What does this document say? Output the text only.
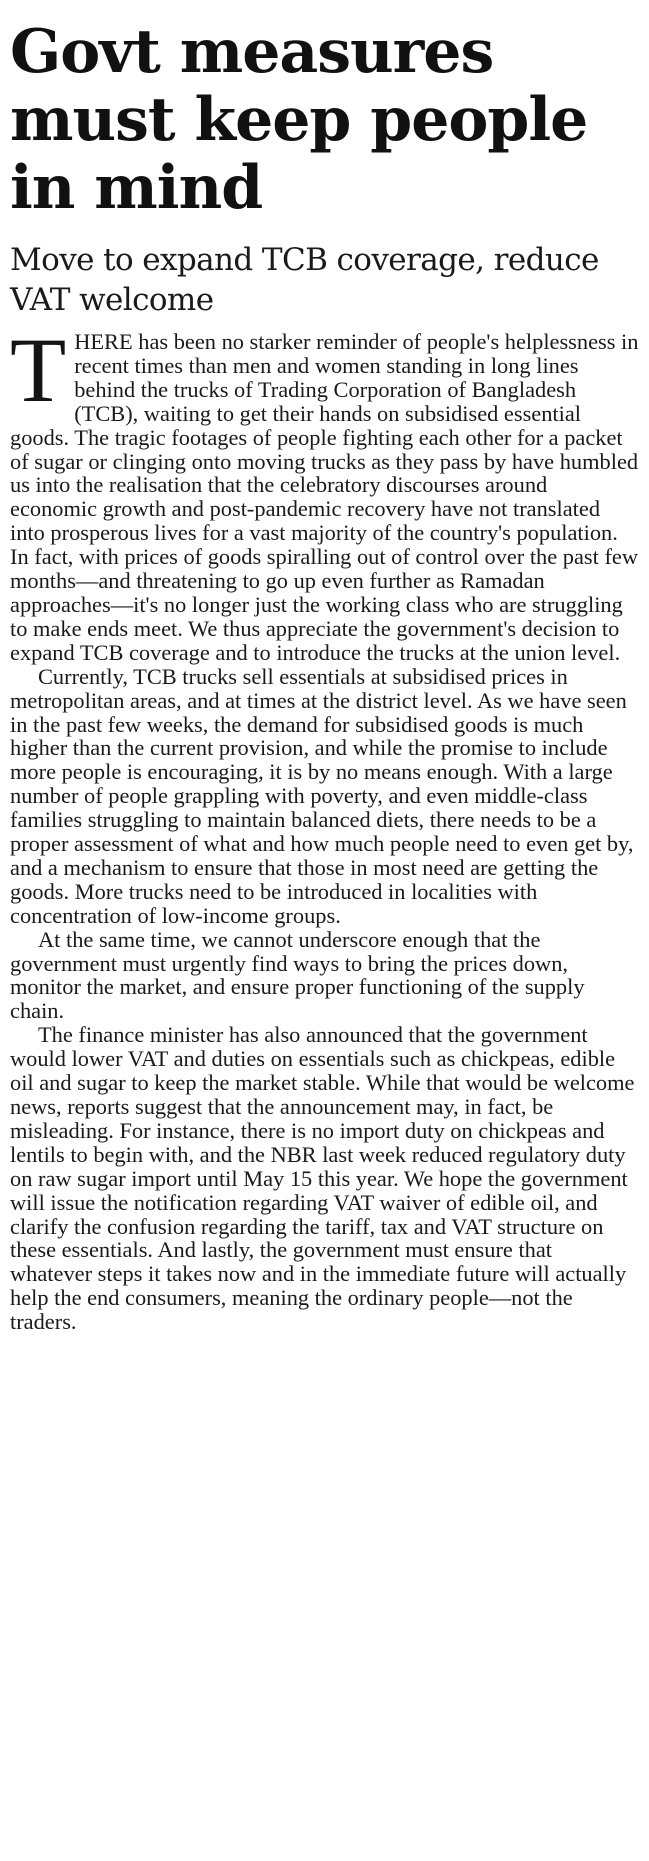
Govt measures must keep people in mind
Move to expand TCB coverage, reduce VAT welcome

THERE has been no starker reminder of people's helplessness in recent times than men and women standing in long lines behind the trucks of Trading Corporation of Bangladesh (TCB), waiting to get their hands on subsidised essential goods. The tragic footages of people fighting each other for a packet of sugar or clinging onto moving trucks as they pass by have humbled us into the realisation that the celebratory discourses around economic growth and post-pandemic recovery have not translated into prosperous lives for a vast majority of the country's population. In fact, with prices of goods spiralling out of control over the past few months—and threatening to go up even further as Ramadan approaches—it's no longer just the working class who are struggling to make ends meet. We thus appreciate the government's decision to expand TCB coverage and to introduce the trucks at the union level.

Currently, TCB trucks sell essentials at subsidised prices in metropolitan areas, and at times at the district level. As we have seen in the past few weeks, the demand for subsidised goods is much higher than the current provision, and while the promise to include more people is encouraging, it is by no means enough. With a large number of people grappling with poverty, and even middle-class families struggling to maintain balanced diets, there needs to be a proper assessment of what and how much people need to even get by, and a mechanism to ensure that those in most need are getting the goods. More trucks need to be introduced in localities with concentration of low-income groups.

At the same time, we cannot underscore enough that the government must urgently find ways to bring the prices down, monitor the market, and ensure proper functioning of the supply chain.

The finance minister has also announced that the government would lower VAT and duties on essentials such as chickpeas, edible oil and sugar to keep the market stable. While that would be welcome news, reports suggest that the announcement may, in fact, be misleading. For instance, there is no import duty on chickpeas and lentils to begin with, and the NBR last week reduced regulatory duty on raw sugar import until May 15 this year. We hope the government will issue the notification regarding VAT waiver of edible oil, and clarify the confusion regarding the tariff, tax and VAT structure on these essentials. And lastly, the government must ensure that whatever steps it takes now and in the immediate future will actually help the end consumers, meaning the ordinary people—not the traders.
